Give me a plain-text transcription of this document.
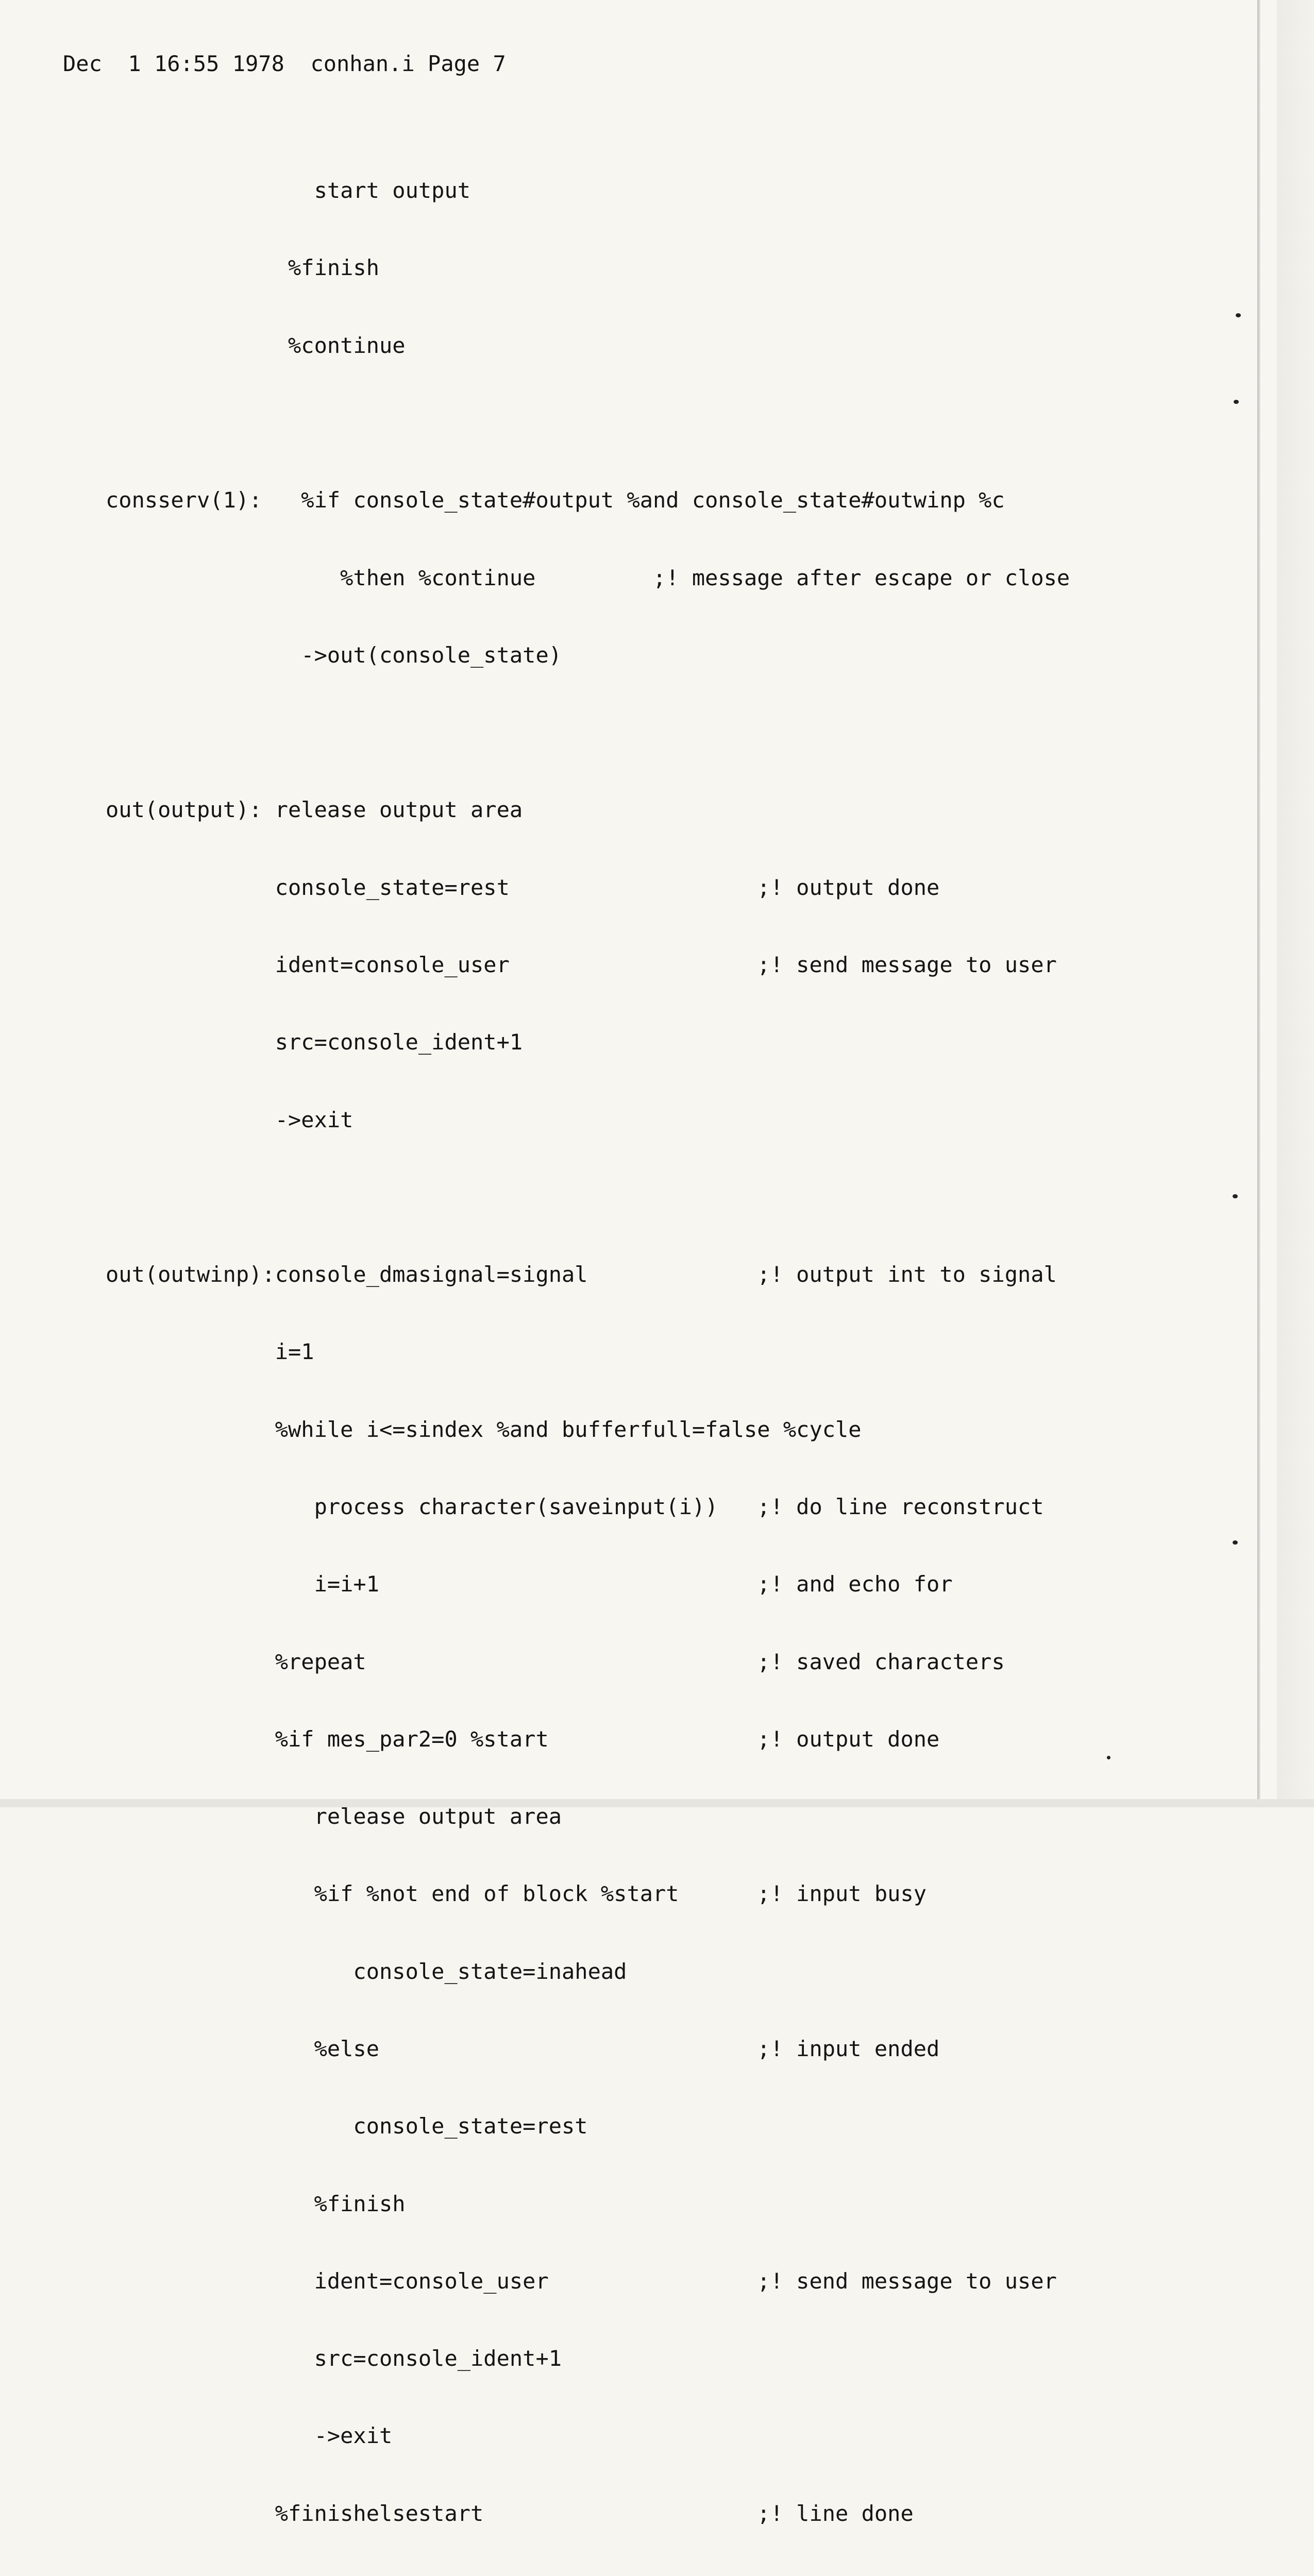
Dec  1 16:55 1978 conhan.i Page 7

start output

%finish

%continue

consserv(1):   %if console_state#output %and console_state#outwinp %c

%then %continue         ;! message after escape or close

->out(console_state)

out(output): release output area

console_state=rest                   ;! output done

ident=console_user                   ;! send message to user

src=console_ident+1

->exit

out(outwinp):console_dmasignal=signal             ;! output int to signal

i=1

%while i<=sindex %and bufferfull=false %cycle

process character(saveinput(i))   ;! do line reconstruct

i=i+1                             ;! and echo for

%repeat                              ;! saved characters

%if mes_par2=0 %start                ;! output done

release output area

%if %not end of block %start      ;! input busy

console_state=inahead

%else                             ;! input ended

console_state=rest

%finish

ident=console_user                ;! send message to user

src=console_ident+1

->exit

%finishelsestart                     ;! line done
